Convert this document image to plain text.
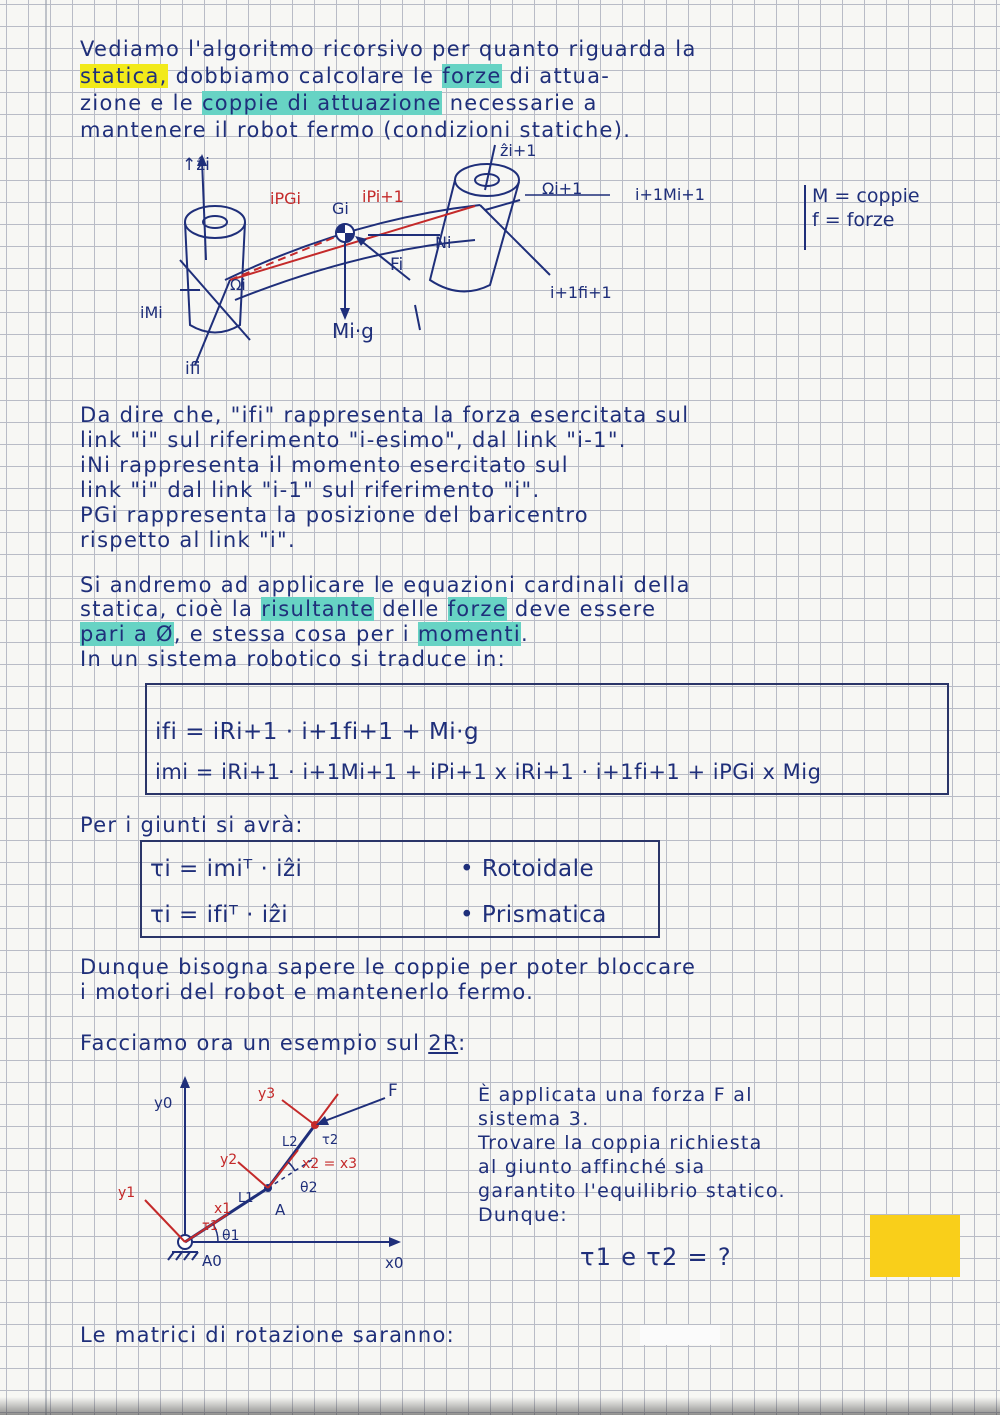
Vediamo l'algoritmo ricorsivo per quanto riguarda la
statica, dobbiamo calcolare le forze di attua-
zione e le coppie di attuazione necessarie a
mantenere il robot fermo (condizioni statiche).
↑ẑi
ẑi+1
iPGi	iPi+1
Gi
Ωi+1	i+1Mi+1
Ni
Fi
Ωi
iMi
i+1fi+1
Mi·g
ifi
M = coppie
f = forze
Da dire che, "ifi" rappresenta la forza esercitata sul
link "i" sul riferimento "i-esimo", dal link "i-1".
iNi rappresenta il momento esercitato sul
link "i" dal link "i-1" sul riferimento "i".
PGi rappresenta la posizione del baricentro
rispetto al link "i".
Si andremo ad applicare le equazioni cardinali della
statica, cioè la risultante delle forze deve essere
pari a Ø, e stessa cosa per i momenti.
In un sistema robotico si traduce in:
ifi = iRi+1 · i+1fi+1 + Mi·g
imi = iRi+1 · i+1Mi+1 + iPi+1 x iRi+1 · i+1fi+1 + iPGi x Mig
Per i giunti si avrà:
τi = imiᵀ · iẑi	• Rotoidale
τi = ifiᵀ · iẑi	• Prismatica
Dunque bisogna sapere le coppie per poter bloccare
i motori del robot e mantenerlo fermo.
Facciamo ora un esempio sul 2R:
y0
x0
A0
A
F
y1
x1
y2	x2 = x3
y3
L1
L2
θ1
θ2
τ1
τ2
È applicata una forza F al
sistema 3.
Trovare la coppia richiesta
al giunto affinché sia
garantito l'equilibrio statico.
Dunque:
τ1 e τ2 = ?
Le matrici di rotazione saranno:
